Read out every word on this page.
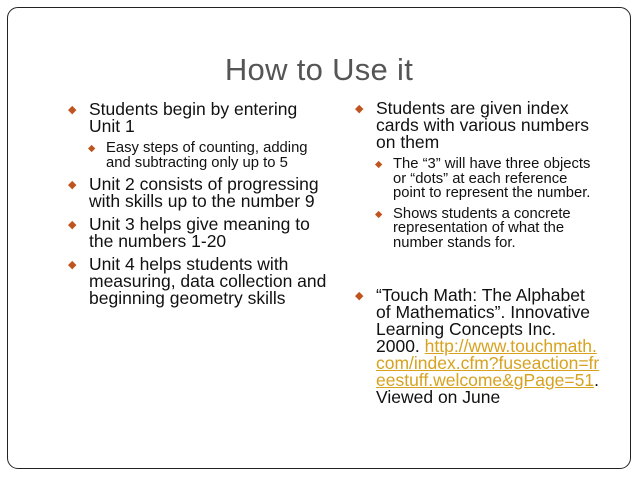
How to Use it
◆ Students begin by entering Unit 1
◆ Easy steps of counting, adding and subtracting only up to 5
◆ Unit 2 consists of progressing with skills up to the number 9
◆ Unit 3 helps give meaning to the numbers 1-20
◆ Unit 4 helps students with measuring, data collection and beginning geometry skills
◆ Students are given index cards with various numbers on them
◆ The “3” will have three objects or “dots” at each reference point to represent the number.
◆ Shows students a concrete representation of what the number stands for.
◆ “Touch Math: The Alphabet of Mathematics”. Innovative Learning Concepts Inc. 2000. http://www.touchmath.com/index.cfm?fuseaction=freestuff.welcome&gPage=51. Viewed on June
